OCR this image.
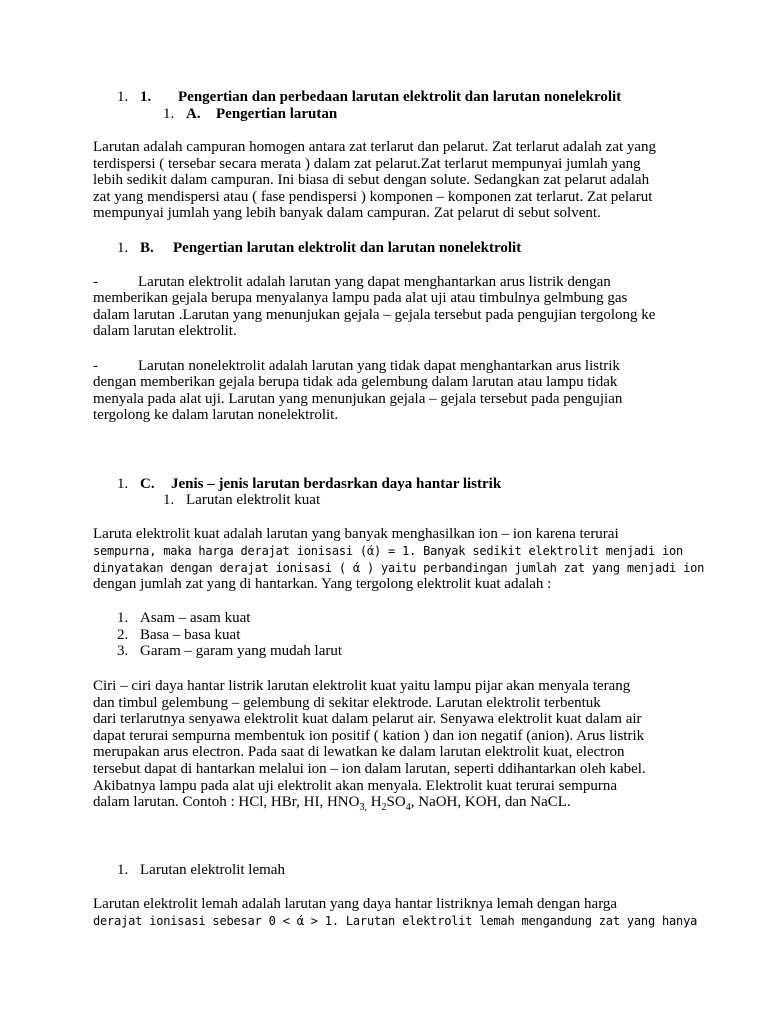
1. 1. Pengertian dan perbedaan larutan elektrolit dan larutan nonelekrolit
1. A. Pengertian larutan
Larutan adalah campuran homogen antara zat terlarut dan pelarut. Zat terlarut adalah zat yang
terdispersi ( tersebar secara merata ) dalam zat pelarut.Zat terlarut mempunyai jumlah yang
lebih sedikit dalam campuran. Ini biasa di sebut dengan solute. Sedangkan zat pelarut adalah
zat yang mendispersi atau ( fase pendispersi ) komponen – komponen zat terlarut. Zat pelarut
mempunyai jumlah yang lebih banyak dalam campuran. Zat pelarut di sebut solvent.
1. B. Pengertian larutan elektrolit dan larutan nonelektrolit
-	Larutan elektrolit adalah larutan yang dapat menghantarkan arus listrik dengan
memberikan gejala berupa menyalanya lampu pada alat uji atau timbulnya gelmbung gas
dalam larutan .Larutan yang menunjukan gejala – gejala tersebut pada pengujian tergolong ke
dalam larutan elektrolit.
-	Larutan nonelektrolit adalah larutan yang tidak dapat menghantarkan arus listrik
dengan memberikan gejala berupa tidak ada gelembung dalam larutan atau lampu tidak
menyala pada alat uji. Larutan yang menunjukan gejala – gejala tersebut pada pengujian
tergolong ke dalam larutan nonelektrolit.
1. C. Jenis – jenis larutan berdasrkan daya hantar listrik
1. Larutan elektrolit kuat
Laruta elektrolit kuat adalah larutan yang banyak menghasilkan ion – ion karena terurai
sempurna, maka harga derajat ionisasi (ά) = 1. Banyak sedikit elektrolit menjadi ion
dinyatakan dengan derajat ionisasi ( ά ) yaitu perbandingan jumlah zat yang menjadi ion
dengan jumlah zat yang di hantarkan. Yang tergolong elektrolit kuat adalah :
1. Asam – asam kuat
2. Basa – basa kuat
3. Garam – garam yang mudah larut
Ciri – ciri daya hantar listrik larutan elektrolit kuat yaitu lampu pijar akan menyala terang
dan timbul gelembung – gelembung di sekitar elektrode. Larutan elektrolit terbentuk
dari terlarutnya senyawa elektrolit kuat dalam pelarut air. Senyawa elektrolit kuat dalam air
dapat terurai sempurna membentuk ion positif ( kation ) dan ion negatif (anion). Arus listrik
merupakan arus electron. Pada saat di lewatkan ke dalam larutan elektrolit kuat, electron
tersebut dapat di hantarkan melalui ion – ion dalam larutan, seperti ddihantarkan oleh kabel.
Akibatnya lampu pada alat uji elektrolit akan menyala. Elektrolit kuat terurai sempurna
dalam larutan. Contoh : HCl, HBr, HI, $HNO_{3,}$ $H_2SO_4$, NaOH, KOH, dan NaCL.
1. Larutan elektrolit lemah
Larutan elektrolit lemah adalah larutan yang daya hantar listriknya lemah dengan harga
derajat ionisasi sebesar 0 < ά > 1. Larutan elektrolit lemah mengandung zat yang hanya
